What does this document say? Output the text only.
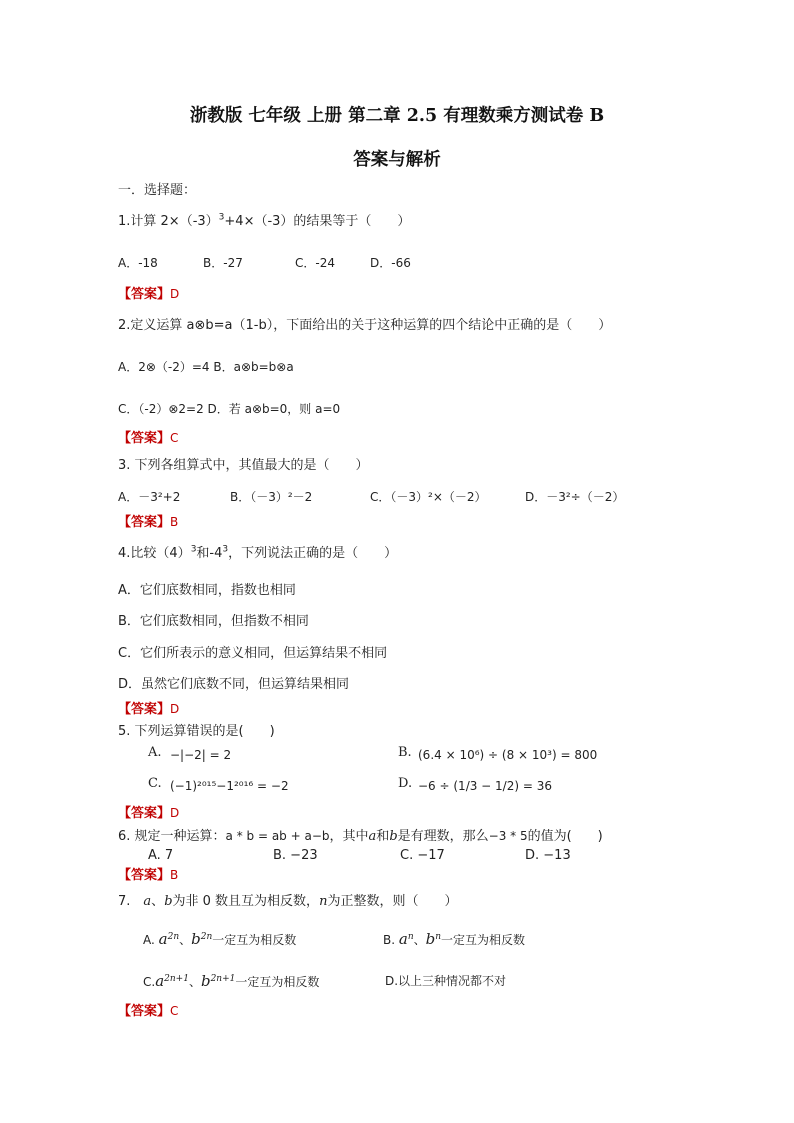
浙教版 七年级 上册 第二章 2.5 有理数乘方测试卷 B
答案与解析
一．选择题：
1.计算 $2\times(-3)^3+4\times(-3)$的结果等于（　　）
A．-18	B．-27	C．-24	D．-66
【答案】D
2.定义运算 a⊗b=a（1-b），下面给出的关于这种运算的四个结论中正确的是（　　）
A．2⊗（-2）=4 B．a⊗b=b⊗a
C．（-2）⊗2=2 D．若 a⊗b=0，则 a=0
【答案】C
3. 下列各组算式中，其值最大的是（　　）
A．－3²+2	B．（－3）²－2	C．（－3）²×（－2）	D．－3²÷（－2）
【答案】B
4.比较$(4)^3$和$-4^3$，下列说法正确的是（　　）
A．它们底数相同，指数也相同
B．它们底数相同，但指数不相同
C．它们所表示的意义相同，但运算结果不相同
D．虽然它们底数不同，但运算结果相同
【答案】D
5. 下列运算错误的是(　　)
A. −|−2| = 2	B. (6.4 × 10⁶) ÷ (8 × 10³) = 800
C. (−1)²⁰¹⁵−1²⁰¹⁶ = −2	D. −6 ÷ (1/3 − 1/2) = 36
【答案】D
6. 规定一种运算：a * b = ab + a−b，其中a和b是有理数，那么−3 * 5的值为(　　)
A. 7	B. −23	C. −17	D. −13
【答案】B
7.　a、b为非 0 数且互为相反数，n为正整数，则（　　）
A. $a^{2n}$、$b^{2n}$一定互为相反数	B. $a^n$、$b^n$一定互为相反数
$C.a^{2n+1}$、$b^{2n+1}$一定互为相反数	D.以上三种情况都不对
【答案】C
